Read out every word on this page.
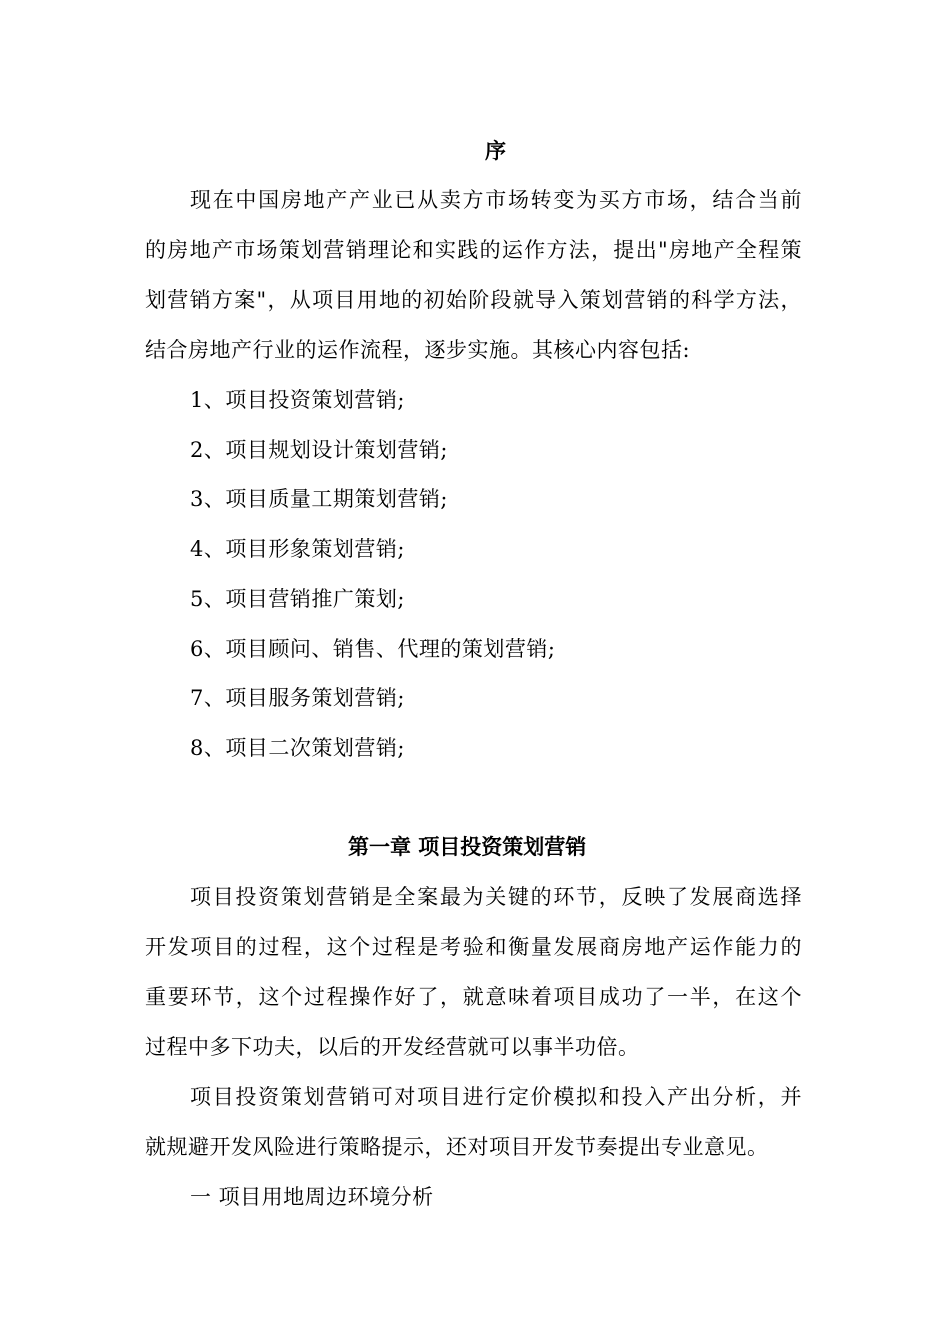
序
现在中国房地产产业已从卖方市场转变为买方市场，结合当前
的房地产市场策划营销理论和实践的运作方法，提出"房地产全程策
划营销方案"，从项目用地的初始阶段就导入策划营销的科学方法，
结合房地产行业的运作流程，逐步实施。其核心内容包括:
1、项目投资策划营销;
2、项目规划设计策划营销;
3、项目质量工期策划营销;
4、项目形象策划营销;
5、项目营销推广策划;
6、项目顾问、销售、代理的策划营销;
7、项目服务策划营销;
8、项目二次策划营销;
第一章 项目投资策划营销
项目投资策划营销是全案最为关键的环节，反映了发展商选择
开发项目的过程，这个过程是考验和衡量发展商房地产运作能力的
重要环节，这个过程操作好了，就意味着项目成功了一半，在这个
过程中多下功夫，以后的开发经营就可以事半功倍。
项目投资策划营销可对项目进行定价模拟和投入产出分析，并
就规避开发风险进行策略提示，还对项目开发节奏提出专业意见。
一 项目用地周边环境分析
